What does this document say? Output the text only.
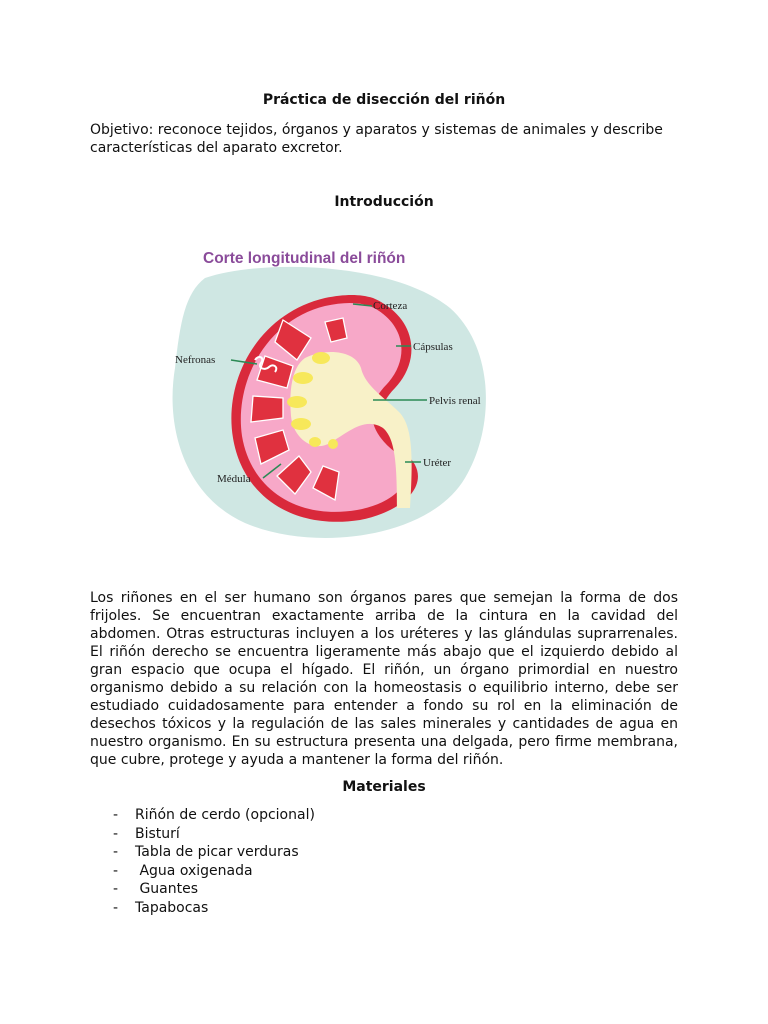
Práctica de disección del riñón
Objetivo: reconoce tejidos, órganos y aparatos y sistemas de animales y describe características del aparato excretor.
Introducción
Corte longitudinal del riñón
Corteza
Cápsulas
Nefronas
Pelvis renal
Uréter
Médula
Los riñones en el ser humano son órganos pares que semejan la forma de dos frijoles. Se encuentran exactamente arriba de la cintura en la cavidad del abdomen. Otras estructuras incluyen a los uréteres y las glándulas suprarrenales. El riñón derecho se encuentra ligeramente más abajo que el izquierdo debido al gran espacio que ocupa el hígado. El riñón, un órgano primordial en nuestro organismo debido a su relación con la homeostasis o equilibrio interno, debe ser estudiado cuidadosamente para entender a fondo su rol en la eliminación de desechos tóxicos y la regulación de las sales minerales y cantidades de agua en nuestro organismo. En su estructura presenta una delgada, pero firme membrana, que cubre, protege y ayuda a mantener la forma del riñón.
Materiales
-	Riñón de cerdo (opcional)
-	Bisturí
-	Tabla de picar verduras
-	Agua oxigenada
-	Guantes
-	Tapabocas
